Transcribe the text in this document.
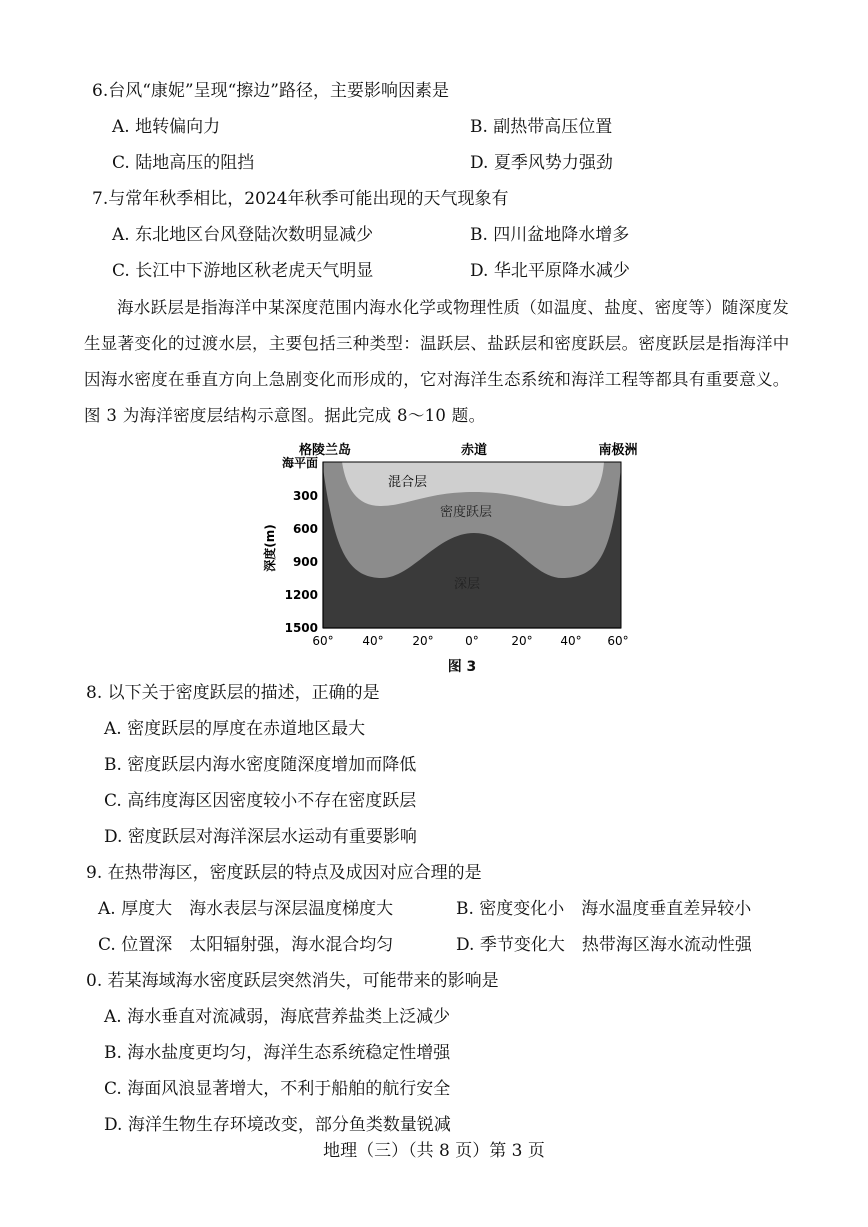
6.台风“康妮”呈现“擦边”路径，主要影响因素是
A. 地转偏向力	B. 副热带高压位置
C. 陆地高压的阻挡	D. 夏季风势力强劲
7.与常年秋季相比，2024年秋季可能出现的天气现象有
A. 东北地区台风登陆次数明显减少	B. 四川盆地降水增多
C. 长江中下游地区秋老虎天气明显	D. 华北平原降水减少
海水跃层是指海洋中某深度范围内海水化学或物理性质（如温度、盐度、密度等）随深度发生显著变化的过渡水层，主要包括三种类型：温跃层、盐跃层和密度跃层。密度跃层是指海洋中因海水密度在垂直方向上急剧变化而形成的，它对海洋生态系统和海洋工程等都具有重要意义。图 3 为海洋密度层结构示意图。据此完成 8～10 题。
格陵兰岛	赤道	南极洲
混合层
密度跃层
深层
海平面
300
600
900
1200
1500
深度(m)
60° 40° 20°	0°	20° 40° 60°
图 3
8. 以下关于密度跃层的描述，正确的是
A. 密度跃层的厚度在赤道地区最大
B. 密度跃层内海水密度随深度增加而降低
C. 高纬度海区因密度较小不存在密度跃层
D. 密度跃层对海洋深层水运动有重要影响
9. 在热带海区，密度跃层的特点及成因对应合理的是
A. 厚度大　海水表层与深层温度梯度大	B. 密度变化小　海水温度垂直差异较小
C. 位置深　太阳辐射强，海水混合均匀	D. 季节变化大　热带海区海水流动性强
0. 若某海域海水密度跃层突然消失，可能带来的影响是
A. 海水垂直对流减弱，海底营养盐类上泛减少
B. 海水盐度更均匀，海洋生态系统稳定性增强
C. 海面风浪显著增大，不利于船舶的航行安全
D. 海洋生物生存环境改变，部分鱼类数量锐减
地理（三）（共 8 页）第 3 页
